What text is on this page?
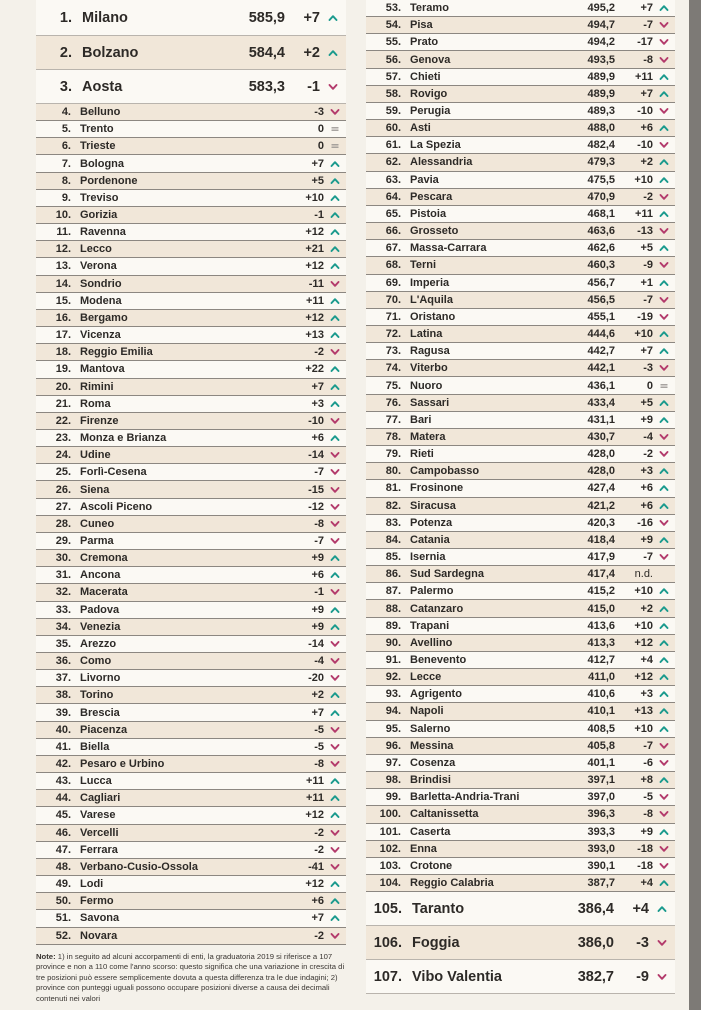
1. Milano	585,9	+7
2. Bolzano	584,4	+2
3. Aosta	583,3	-1
4. Belluno	-3
5. Trento	0
6. Trieste	0
7. Bologna	+7
8. Pordenone	+5
9. Treviso	+10
10. Gorizia	-1
11. Ravenna	+12
12. Lecco	+21
13. Verona	+12
14. Sondrio	-11
15. Modena	+11
16. Bergamo	+12
17. Vicenza	+13
18. Reggio Emilia	-2
19. Mantova	+22
20. Rimini	+7
21. Roma	+3
22. Firenze	-10
23. Monza e Brianza	+6
24. Udine	-14
25. Forlì-Cesena	-7
26. Siena	-15
27. Ascoli Piceno	-12
28. Cuneo	-8
29. Parma	-7
30. Cremona	+9
31. Ancona	+6
32. Macerata	-1
33. Padova	+9
34. Venezia	+9
35. Arezzo	-14
36. Como	-4
37. Livorno	-20
38. Torino	+2
39. Brescia	+7
40. Piacenza	-5
41. Biella	-5
42. Pesaro e Urbino	-8
43. Lucca	+11
44. Cagliari	+11
45. Varese	+12
46. Vercelli	-2
47. Ferrara	-2
48. Verbano-Cusio-Ossola	-41
49. Lodi	+12
50. Fermo	+6
51. Savona	+7
52. Novara	-2
53. Teramo	495,2	+7
54. Pisa	494,7	-7
55. Prato	494,2	-17
56. Genova	493,5	-8
57. Chieti	489,9	+11
58. Rovigo	489,9	+7
59. Perugia	489,3	-10
60. Asti	488,0	+6
61. La Spezia	482,4	-10
62. Alessandria	479,3	+2
63. Pavia	475,5	+10
64. Pescara	470,9	-2
65. Pistoia	468,1	+11
66. Grosseto	463,6	-13
67. Massa-Carrara	462,6	+5
68. Terni	460,3	-9
69. Imperia	456,7	+1
70. L'Aquila	456,5	-7
71. Oristano	455,1	-19
72. Latina	444,6	+10
73. Ragusa	442,7	+7
74. Viterbo	442,1	-3
75. Nuoro	436,1	0
76. Sassari	433,4	+5
77. Bari	431,1	+9
78. Matera	430,7	-4
79. Rieti	428,0	-2
80. Campobasso	428,0	+3
81. Frosinone	427,4	+6
82. Siracusa	421,2	+6
83. Potenza	420,3	-16
84. Catania	418,4	+9
85. Isernia	417,9	-7
86. Sud Sardegna	417,4	n.d.
87. Palermo	415,2	+10
88. Catanzaro	415,0	+2
89. Trapani	413,6	+10
90. Avellino	413,3	+12
91. Benevento	412,7	+4
92. Lecce	411,0	+12
93. Agrigento	410,6	+3
94. Napoli	410,1	+13
95. Salerno	408,5	+10
96. Messina	405,8	-7
97. Cosenza	401,1	-6
98. Brindisi	397,1	+8
99. Barletta-Andria-Trani	397,0	-5
100. Caltanissetta	396,3	-8
101. Caserta	393,3	+9
102. Enna	393,0	-18
103. Crotone	390,1	-18
104. Reggio Calabria	387,7	+4
105. Taranto	386,4	+4
106. Foggia	386,0	-3
107. Vibo Valentia	382,7	-9
Note: 1) in seguito ad alcuni accorpamenti di enti, la graduatoria 2019 si riferisce a 107 province e non a 110 come l'anno scorso: questo significa che una variazione in crescita di tre posizioni può essere semplicemente dovuta a questa differenza tra le due indagini; 2) province con punteggi uguali possono occupare posizioni diverse a causa dei decimali contenuti nei valori
